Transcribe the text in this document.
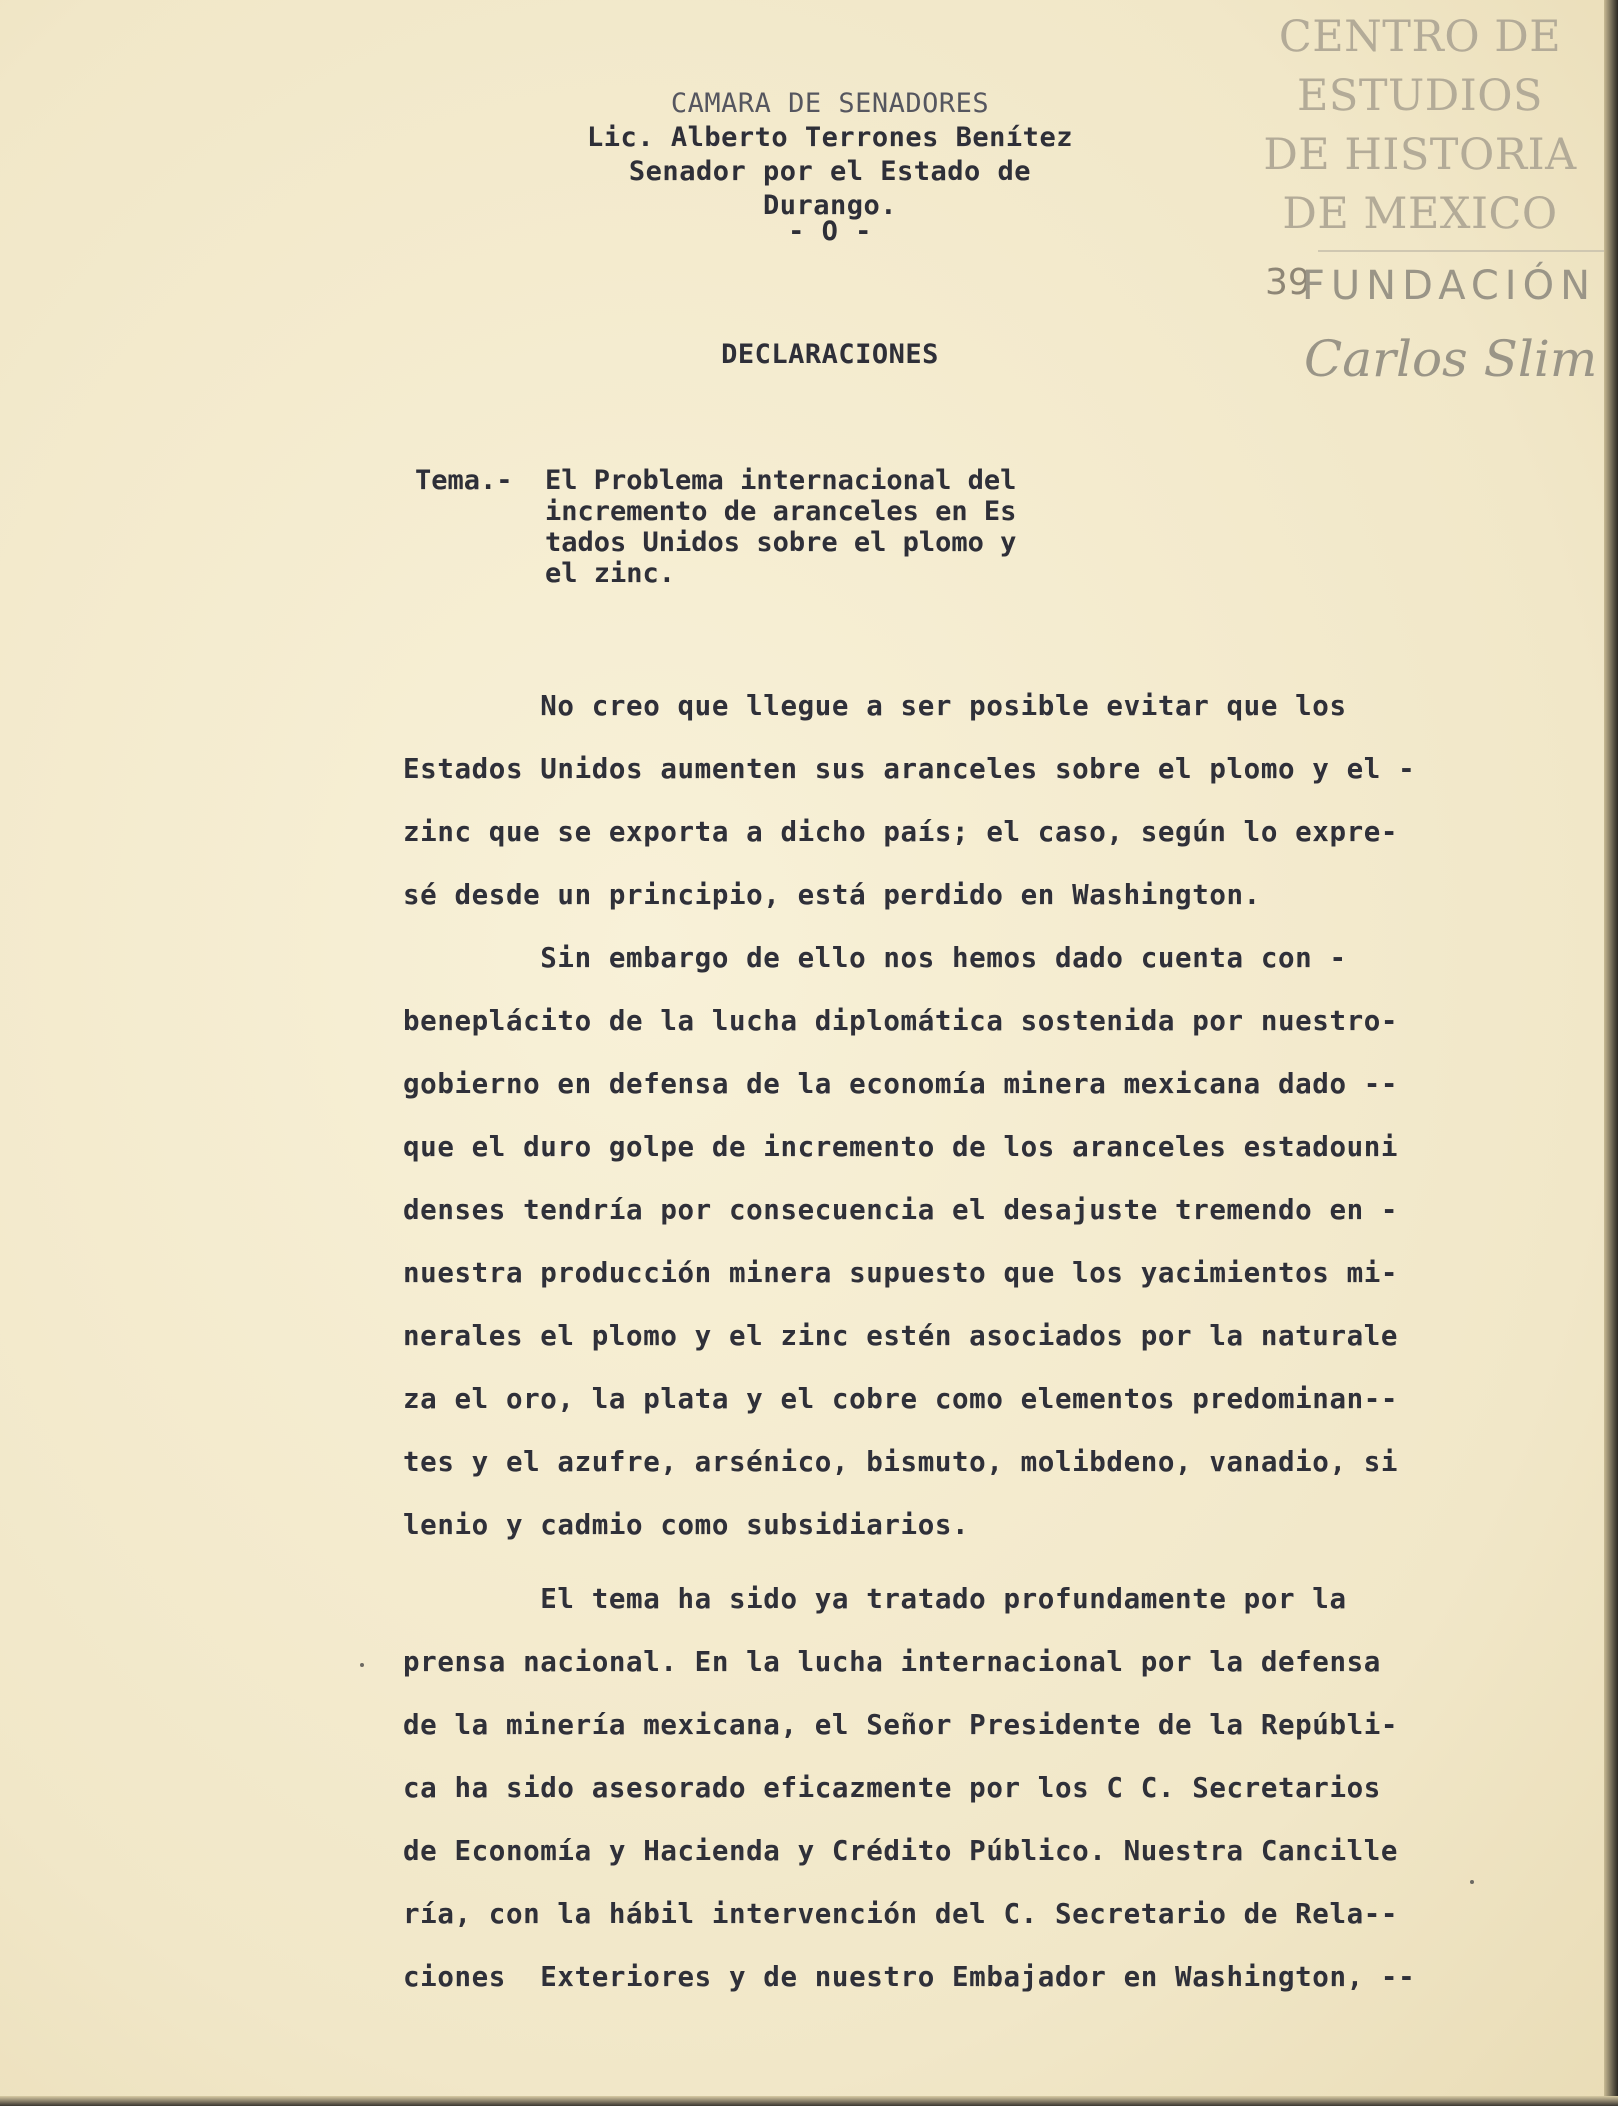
CENTRO DE
ESTUDIOS
DE HISTORIA
DE MEXICO
39
FUNDACIÓN
Carlos Slim
CAMARA DE SENADORES
Lic. Alberto Terrones Benítez
Senador por el Estado de
Durango.
- O -
DECLARACIONES
Tema.- El Problema internacional del
incremento de aranceles en Es
tados Unidos sobre el plomo y
el zinc.
No creo que llegue a ser posible evitar que los
Estados Unidos aumenten sus aranceles sobre el plomo y el -
zinc que se exporta a dicho país; el caso, según lo expre-
sé desde un principio, está perdido en Washington.
Sin embargo de ello nos hemos dado cuenta con -
beneplácito de la lucha diplomática sostenida por nuestro-
gobierno en defensa de la economía minera mexicana dado --
que el duro golpe de incremento de los aranceles estadouni
denses tendría por consecuencia el desajuste tremendo en -
nuestra producción minera supuesto que los yacimientos mi-
nerales el plomo y el zinc estén asociados por la naturale
za el oro, la plata y el cobre como elementos predominan--
tes y el azufre, arsénico, bismuto, molibdeno, vanadio, si
lenio y cadmio como subsidiarios.
El tema ha sido ya tratado profundamente por la
prensa nacional. En la lucha internacional por la defensa
de la minería mexicana, el Señor Presidente de la Repúbli-
ca ha sido asesorado eficazmente por los C C. Secretarios
de Economía y Hacienda y Crédito Público. Nuestra Cancille
ría, con la hábil intervención del C. Secretario de Rela--
ciones  Exteriores y de nuestro Embajador en Washington, --
